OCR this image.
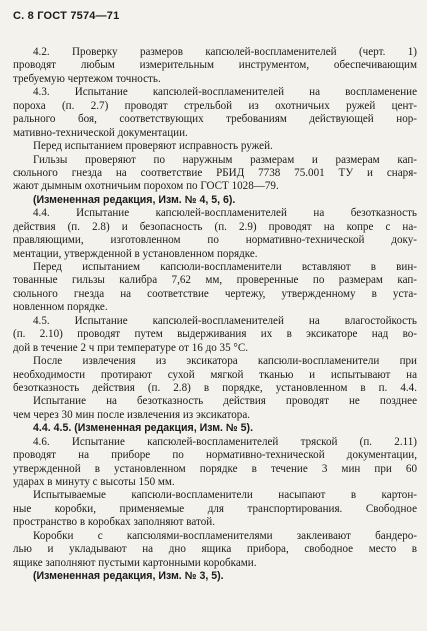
С. 8 ГОСТ 7574—71
4.2. Проверку размеров капсюлей-воспламенителей (черт. 1)
проводят любым измерительным инструментом, обеспечивающим
требуемую чертежом точность.
4.3. Испытание капсюлей-воспламенителей на воспламенение
пороха (п. 2.7) проводят стрельбой из охотничьих ружей цент-
рального боя, соответствующих требованиям действующей нор-
мативно-технической документации.
Перед испытанием проверяют исправность ружей.
Гильзы проверяют по наружным размерам и размерам кап-
сюльного гнезда на соответствие РБИД 7738 75.001 ТУ и снаря-
жают дымным охотничьим порохом по ГОСТ 1028—79.
(Измененная редакция, Изм. № 4, 5, 6).
4.4. Испытание капсюлей-воспламенителей на безотказность
действия (п. 2.8) и безопасность (п. 2.9) проводят на копре с на-
правляющими, изготовленном по нормативно-технической доку-
ментации, утвержденной в установленном порядке.
Перед испытанием капсюли-воспламенители вставляют в вин-
тованные гильзы калибра 7,62 мм, проверенные по размерам кап-
сюльного гнезда на соответствие чертежу, утвержденному в уста-
новленном порядке.
4.5. Испытание капсюлей-воспламенителей на влагостойкость
(п. 2.10) проводят путем выдерживания их в эксикаторе над во-
дой в течение 2 ч при температуре от 16 до 35 °С.
После извлечения из эксикатора капсюли-воспламенители при
необходимости протирают сухой мягкой тканью и испытывают на
безотказность действия (п. 2.8) в порядке, установленном в п. 4.4.
Испытание на безотказность действия проводят не позднее
чем через 30 мин после извлечения из эксикатора.
4.4. 4.5. (Измененная редакция, Изм. № 5).
4.6. Испытание капсюлей-воспламенителей тряской (п. 2.11)
проводят на приборе по нормативно-технической документации,
утвержденной в установленном порядке в течение 3 мин при 60
ударах в минуту с высоты 150 мм.
Испытываемые капсюли-воспламенители насыпают в картон-
ные коробки, применяемые для транспортирования. Свободное
пространство в коробках заполняют ватой.
Коробки с капсюлями-воспламенителями заклеивают бандеро-
лью и укладывают на дно ящика прибора, свободное место в
ящике заполняют пустыми картонными коробками.
(Измененная редакция, Изм. № 3, 5).
